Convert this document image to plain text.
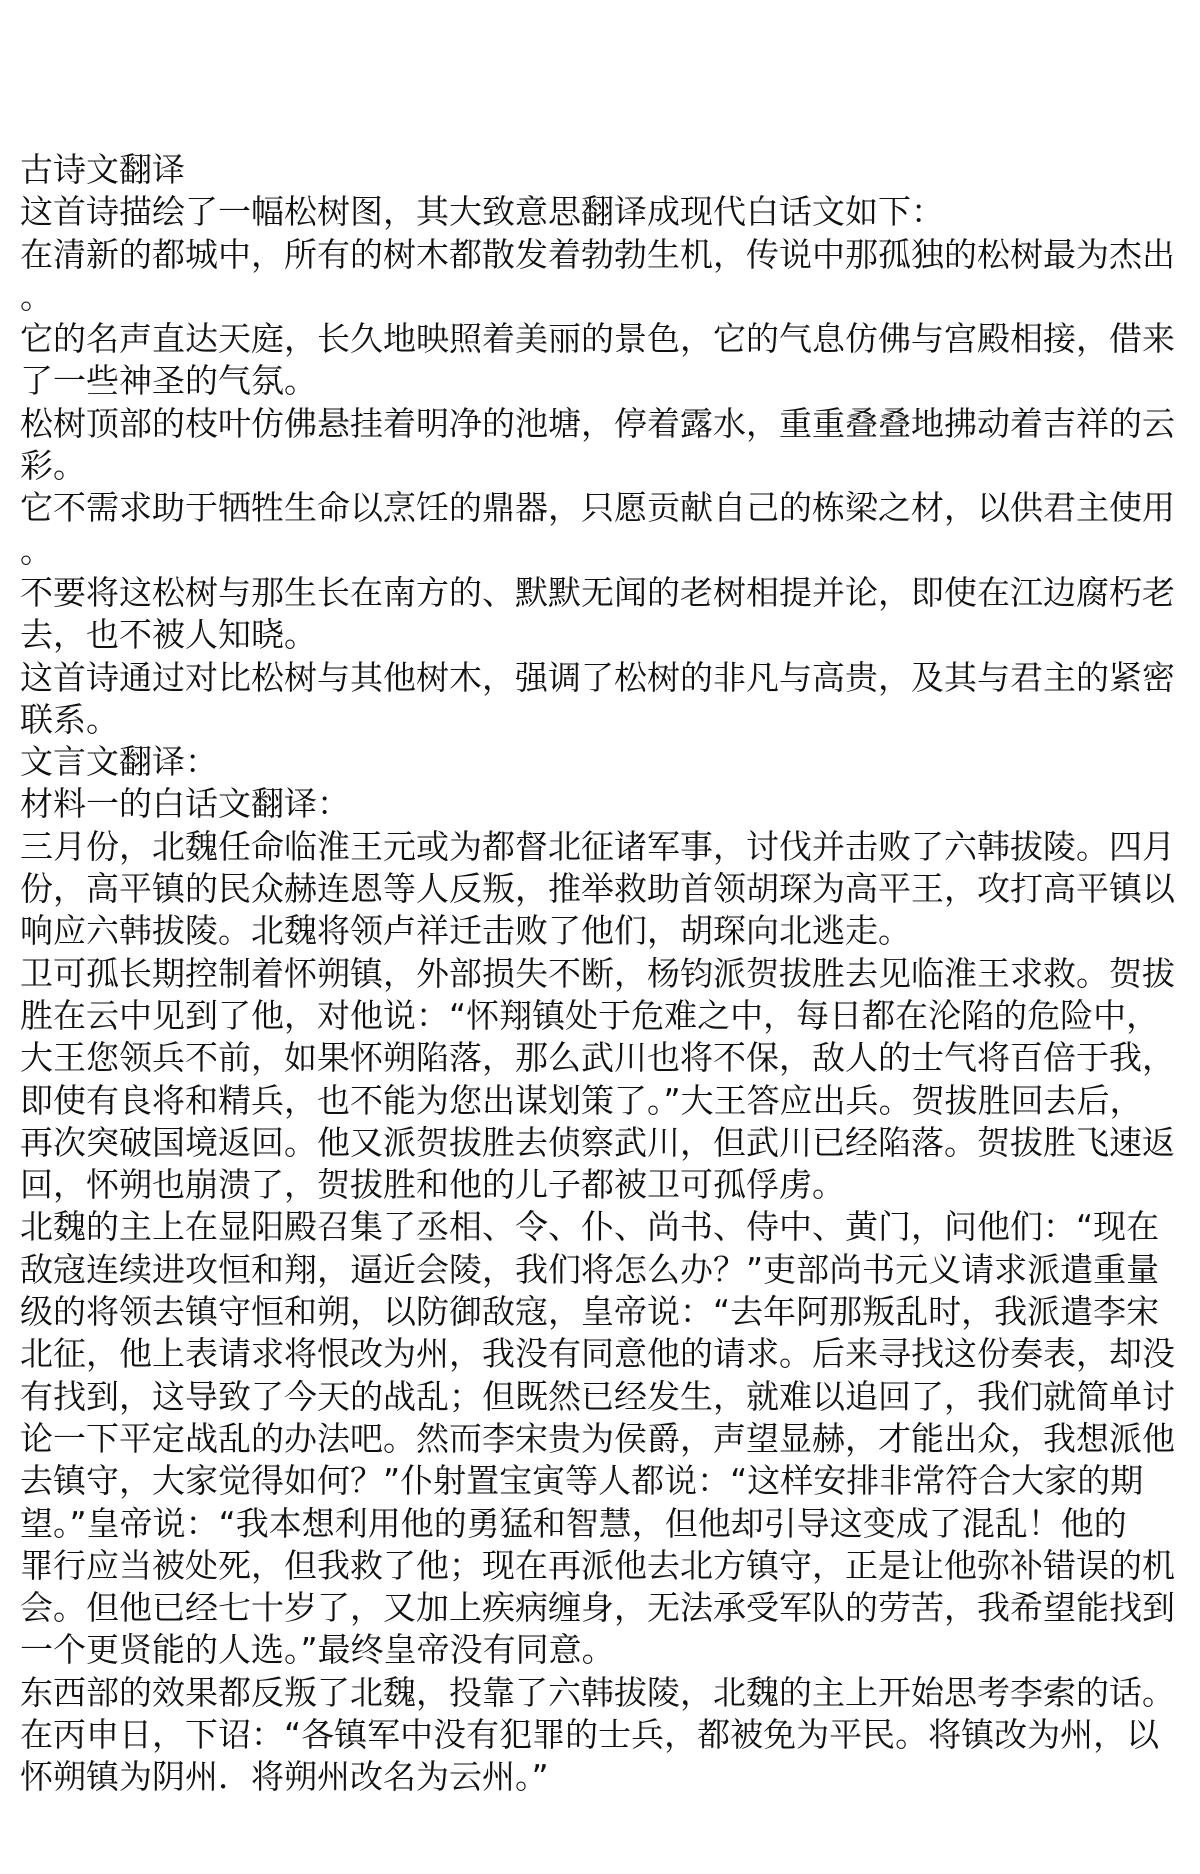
古诗文翻译
这首诗描绘了一幅松树图，其大致意思翻译成现代白话文如下：
在清新的都城中，所有的树木都散发着勃勃生机，传说中那孤独的松树最为杰出
。
它的名声直达天庭，长久地映照着美丽的景色，它的气息仿佛与宫殿相接，借来
了一些神圣的气氛。
松树顶部的枝叶仿佛悬挂着明净的池塘，停着露水，重重叠叠地拂动着吉祥的云
彩。
它不需求助于牺牲生命以烹饪的鼎器，只愿贡献自己的栋梁之材，以供君主使用
。
不要将这松树与那生长在南方的、默默无闻的老树相提并论，即使在江边腐朽老
去，也不被人知晓。
这首诗通过对比松树与其他树木，强调了松树的非凡与高贵，及其与君主的紧密
联系。
文言文翻译：
材料一的白话文翻译：
三月份，北魏任命临淮王元或为都督北征诸军事，讨伐并击败了六韩拔陵。四月
份，高平镇的民众赫连恩等人反叛，推举救助首领胡琛为高平王，攻打高平镇以
响应六韩拔陵。北魏将领卢祥迁击败了他们，胡琛向北逃走。
卫可孤长期控制着怀朔镇，外部损失不断，杨钧派贺拔胜去见临淮王求救。贺拔
胜在云中见到了他，对他说：“怀翔镇处于危难之中，每日都在沦陷的危险中，
大王您领兵不前，如果怀朔陷落，那么武川也将不保，敌人的士气将百倍于我，
即使有良将和精兵，也不能为您出谋划策了。”大王答应出兵。贺拔胜回去后，
再次突破国境返回。他又派贺拔胜去侦察武川，但武川已经陷落。贺拔胜飞速返
回，怀朔也崩溃了，贺拔胜和他的儿子都被卫可孤俘虏。
北魏的主上在显阳殿召集了丞相、令、仆、尚书、侍中、黄门，问他们：“现在
敌寇连续进攻恒和翔，逼近会陵，我们将怎么办？”吏部尚书元义请求派遣重量
级的将领去镇守恒和朔，以防御敌寇，皇帝说：“去年阿那叛乱时，我派遣李宋
北征，他上表请求将恨改为州，我没有同意他的请求。后来寻找这份奏表，却没
有找到，这导致了今天的战乱；但既然已经发生，就难以追回了，我们就简单讨
论一下平定战乱的办法吧。然而李宋贵为侯爵，声望显赫，才能出众，我想派他
去镇守，大家觉得如何？”仆射置宝寅等人都说：“这样安排非常符合大家的期
望。”皇帝说：“我本想利用他的勇猛和智慧，但他却引导这变成了混乱！他的
罪行应当被处死，但我救了他；现在再派他去北方镇守，正是让他弥补错误的机
会。但他已经七十岁了，又加上疾病缠身，无法承受军队的劳苦，我希望能找到
一个更贤能的人选。”最终皇帝没有同意。
东西部的效果都反叛了北魏，投靠了六韩拔陵，北魏的主上开始思考李索的话。
在丙申日，下诏：“各镇军中没有犯罪的士兵，都被免为平民。将镇改为州，以
怀朔镇为阴州．将朔州改名为云州。”
